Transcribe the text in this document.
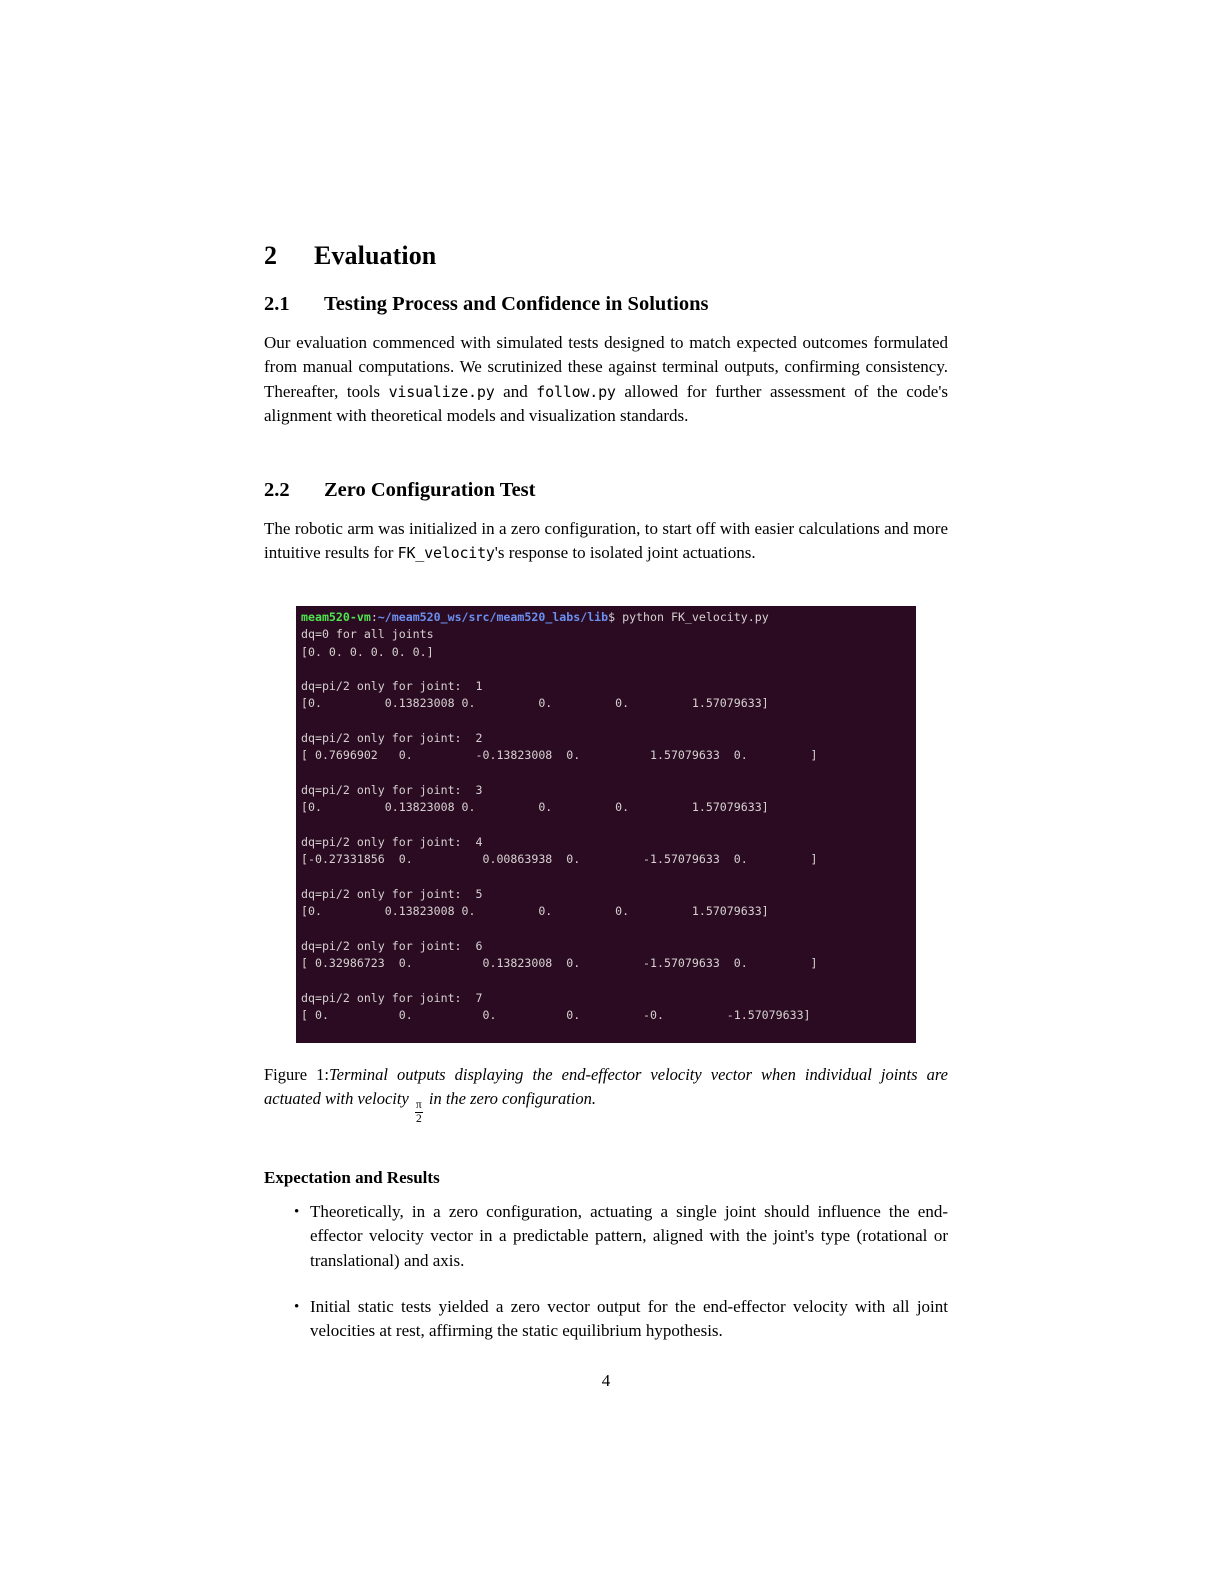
2	Evaluation
2.1	Testing Process and Confidence in Solutions

Our evaluation commenced with simulated tests designed to match expected outcomes formulated from manual computations. We scrutinized these against terminal outputs, confirming consistency. Thereafter, tools visualize.py and follow.py allowed for further assessment of the code's alignment with theoretical models and visualization standards.

2.2	Zero Configuration Test

The robotic arm was initialized in a zero configuration, to start off with easier calculations and more intuitive results for FK_velocity's response to isolated joint actuations.

meam520-vm:~/meam520_ws/src/meam520_labs/lib$ python FK_velocity.py
dq=0 for all joints
[0. 0. 0. 0. 0. 0.]
dq=pi/2 only for joint:  1
[0.         0.13823008 0.         0.         0.         1.57079633]
dq=pi/2 only for joint:  2
[ 0.7696902   0.         -0.13823008  0.          1.57079633  0.         ]
dq=pi/2 only for joint:  3
[0.         0.13823008 0.         0.         0.         1.57079633]
dq=pi/2 only for joint:  4
[-0.27331856  0.          0.00863938  0.         -1.57079633  0.         ]
dq=pi/2 only for joint:  5
[0.         0.13823008 0.         0.         0.         1.57079633]
dq=pi/2 only for joint:  6
[ 0.32986723  0.          0.13823008  0.         -1.57079633  0.         ]
dq=pi/2 only for joint:  7
[ 0.          0.          0.          0.         -0.         -1.57079633]
Figure 1:Terminal outputs displaying the end-effector velocity vector when individual joints are actuated with velocity
$\frac{\pi}{2}$
in the zero configuration.

Expectation and Results

• Theoretically, in a zero configuration, actuating a single joint should influence the end-effector velocity vector in a predictable pattern, aligned with the joint's type (rotational or translational) and axis.
• Initial static tests yielded a zero vector output for the end-effector velocity with all joint velocities at rest, affirming the static equilibrium hypothesis.
4
